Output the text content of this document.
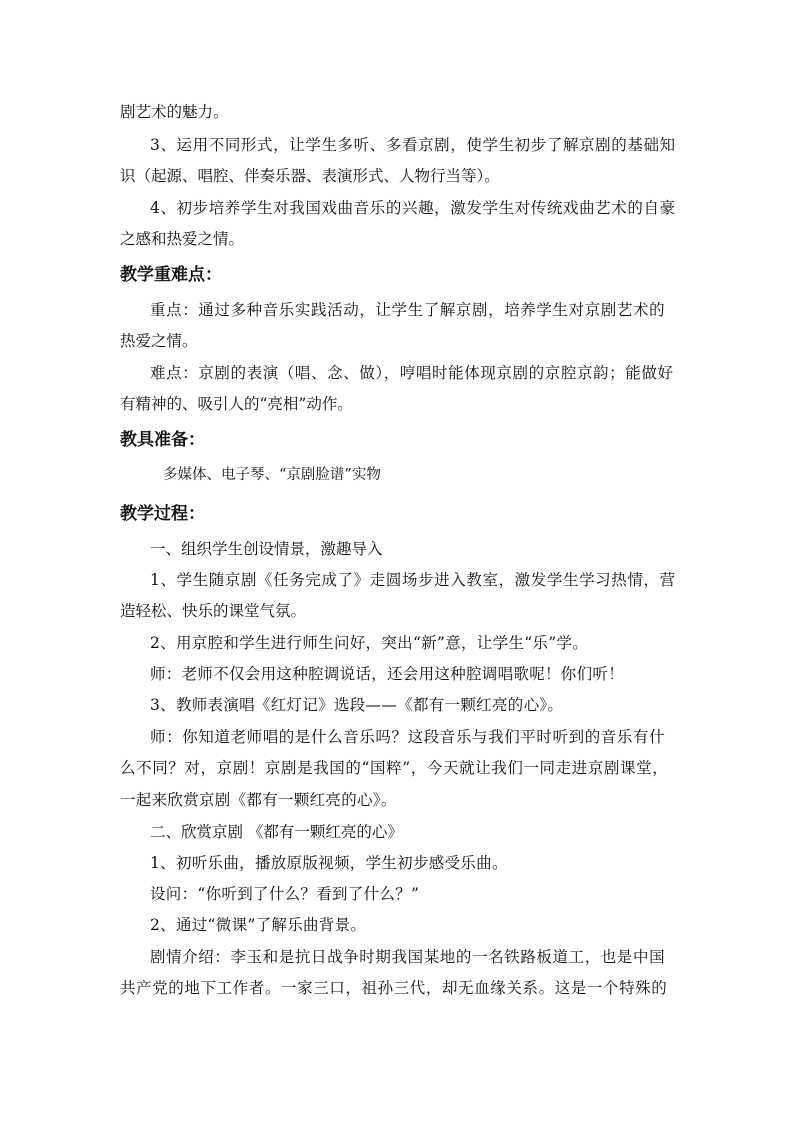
剧艺术的魅力。
3、运用不同形式，让学生多听、多看京剧，使学生初步了解京剧的基础知
识（起源、唱腔、伴奏乐器、表演形式、人物行当等）。
4、初步培养学生对我国戏曲音乐的兴趣，激发学生对传统戏曲艺术的自豪
之感和热爱之情。
教学重难点：
重点：通过多种音乐实践活动，让学生了解京剧，培养学生对京剧艺术的
热爱之情。
难点：京剧的表演（唱、念、做），哼唱时能体现京剧的京腔京韵；能做好
有精神的、吸引人的“亮相”动作。
教具准备：
多媒体、电子琴、“京剧脸谱”实物
教学过程：
一、组织学生创设情景，激趣导入
1、学生随京剧《任务完成了》走圆场步进入教室，激发学生学习热情，营
造轻松、快乐的课堂气氛。
2、用京腔和学生进行师生问好，突出“新”意，让学生“乐”学。
师：老师不仅会用这种腔调说话，还会用这种腔调唱歌呢！你们听！
3、教师表演唱《红灯记》选段——《都有一颗红亮的心》。
师：你知道老师唱的是什么音乐吗？这段音乐与我们平时听到的音乐有什
么不同？对，京剧！京剧是我国的“国粹”，今天就让我们一同走进京剧课堂，
一起来欣赏京剧《都有一颗红亮的心》。
二、欣赏京剧 《都有一颗红亮的心》
1、初听乐曲，播放原版视频，学生初步感受乐曲。
设问：“你听到了什么？看到了什么？”
2、通过“微课”了解乐曲背景。
剧情介绍：李玉和是抗日战争时期我国某地的一名铁路板道工，也是中国
共产党的地下工作者。一家三口，祖孙三代，却无血缘关系。这是一个特殊的
